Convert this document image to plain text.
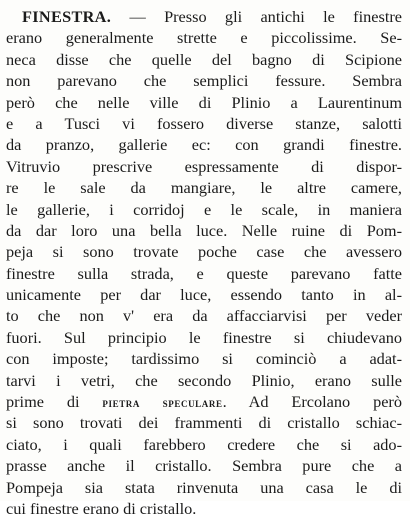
FINESTRA. — Presso gli antichi le finestre
erano generalmente strette e piccolissime. Se-
neca disse che quelle del bagno di Scipione
non parevano che semplici fessure. Sembra
però che nelle ville di Plinio a Laurentinum
e a Tusci vi fossero diverse stanze, salotti
da pranzo, gallerie ec: con grandi finestre.
Vitruvio prescrive espressamente di dispor-
re le sale da mangiare, le altre camere,
le gallerie, i corridoj e le scale, in maniera
da dar loro una bella luce. Nelle ruine di Pom-
peja si sono trovate poche case che avessero
finestre sulla strada, e queste parevano fatte
unicamente per dar luce, essendo tanto in al-
to che non v' era da affacciarvisi per veder
fuori. Sul principio le finestre si chiudevano
con imposte; tardissimo si cominciò a adat-
tarvi i vetri, che secondo Plinio, erano sulle
prime di pietra speculare. Ad Ercolano però
si sono trovati dei frammenti di cristallo schiac-
ciato, i quali farebbero credere che si ado-
prasse anche il cristallo. Sembra pure che a
Pompeja sia stata rinvenuta una casa le di
cui finestre erano di cristallo.
